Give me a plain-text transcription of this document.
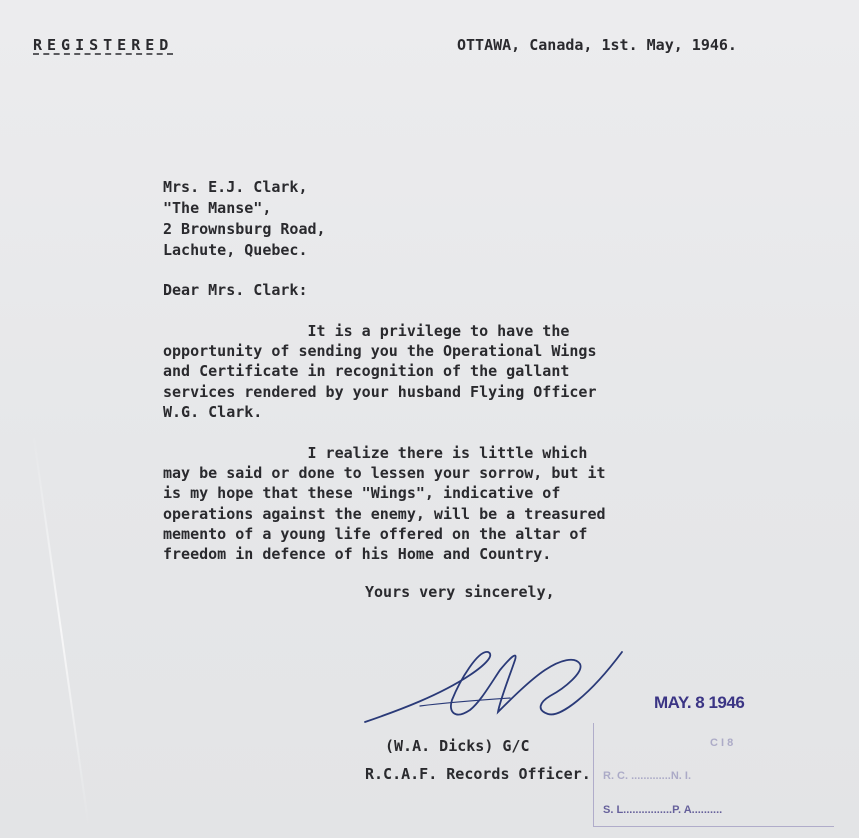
REGISTERED	OTTAWA, Canada, 1st. May, 1946.
Mrs. E.J. Clark,
"The Manse",
2 Brownsburg Road,
Lachute, Quebec.
Dear Mrs. Clark:
It is a privilege to have the
opportunity of sending you the Operational Wings
and Certificate in recognition of the gallant
services rendered by your husband Flying Officer
W.G. Clark.
I realize there is little which
may be said or done to lessen your sorrow, but it
is my hope that these "Wings", indicative of
operations against the enemy, will be a treasured
memento of a young life offered on the altar of
freedom in defence of his Home and Country.
Yours very sincerely,
(W.A. Dicks) G/C
R.C.A.F. Records Officer.
MAY. 8 1946
C I 8
R. C. .............N. I.
S. L................P. A..........
